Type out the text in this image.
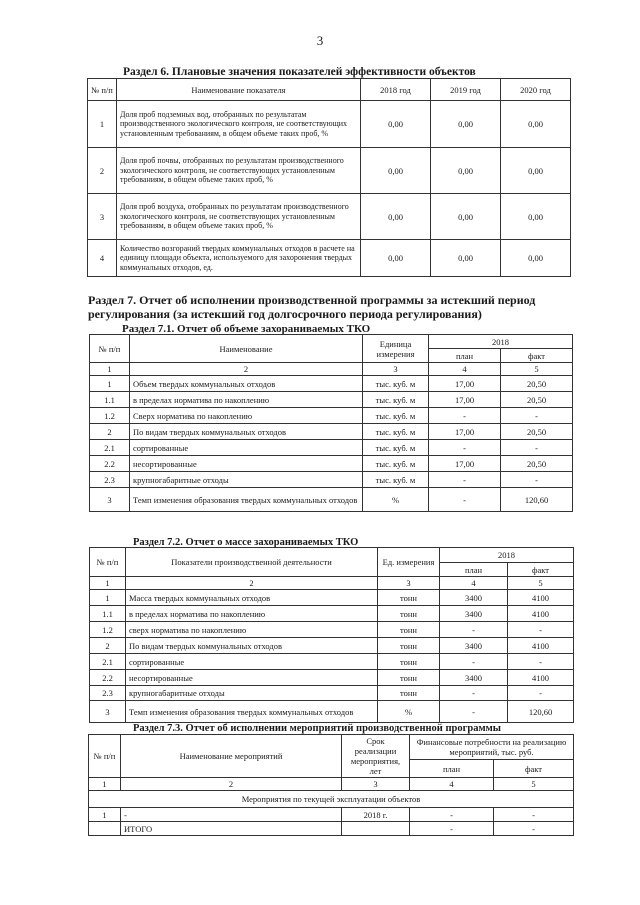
3
Раздел 6. Плановые значения показателей эффективности объектов
№ п/п	Наименование показателя	2018 год	2019 год	2020 год
1	Доля проб подземных вод, отобранных по результатам производственного экологического контроля, не соответствующих установленным требованиям, в общем объеме таких проб, %	0,00	0,00	0,00
2	Доля проб почвы, отобранных по результатам производственного экологического контроля, не соответствующих установленным требованиям, в общем объеме таких проб, %	0,00	0,00	0,00
3	Доля проб воздуха, отобранных по результатам производственного экологического контроля, не соответствующих установленным требованиям, в общем объеме таких проб, %	0,00	0,00	0,00
4	Количество возгораний твердых коммунальных отходов в расчете на единицу площади объекта, используемого для захоронения твердых коммунальных отходов, ед.	0,00	0,00	0,00
Раздел 7. Отчет об исполнении производственной программы за истекший период регулирования (за истекший год долгосрочного периода регулирования)
Раздел 7.1. Отчет об объеме захораниваемых ТКО
№ п/п	Наименование	Единица измерения	2018	
			план	факт
1	2	3	4	5
1	Объем твердых коммунальных отходов	тыс. куб. м	17,00	20,50
1.1	в пределах норматива по накоплению	тыс. куб. м	17,00	20,50
1.2	Сверх норматива по накоплению	тыс. куб. м	-	-
2	По видам твердых коммунальных отходов	тыс. куб. м	17,00	20,50
2.1	сортированные	тыс. куб. м	-	-
2.2	несортированные	тыс. куб. м	17,00	20,50
2.3	крупногабаритные отходы	тыс. куб. м	-	-
3	Темп изменения образования твердых коммунальных отходов	%	-	120,60
Раздел 7.2. Отчет о массе захораниваемых ТКО
№ п/п	Показатели производственной деятельности	Ед. измерения	2018	
			план	факт
1	2	3	4	5
1	Масса твердых коммунальных отходов	тонн	3400	4100
1.1	в пределах норматива по накоплению	тонн	3400	4100
1.2	сверх норматива по накоплению	тонн	-	-
2	По видам твердых коммунальных отходов	тонн	3400	4100
2.1	сортированные	тонн	-	-
2.2	несортированные	тонн	3400	4100
2.3	крупногабаритные отходы	тонн	-	-
3	Темп изменения образования твердых коммунальных отходов	%	-	120,60
Раздел 7.3. Отчет об исполнении мероприятий производственной программы
№ п/п	Наименование мероприятий	Срок реализации мероприятия, лет	Финансовые потребности на реализацию мероприятий, тыс. руб.	
			план	факт
1	2	3	4	5
Мероприятия по текущей эксплуатации объектов				
1	-	2018 г.	-	-
	ИТОГО		-	-
